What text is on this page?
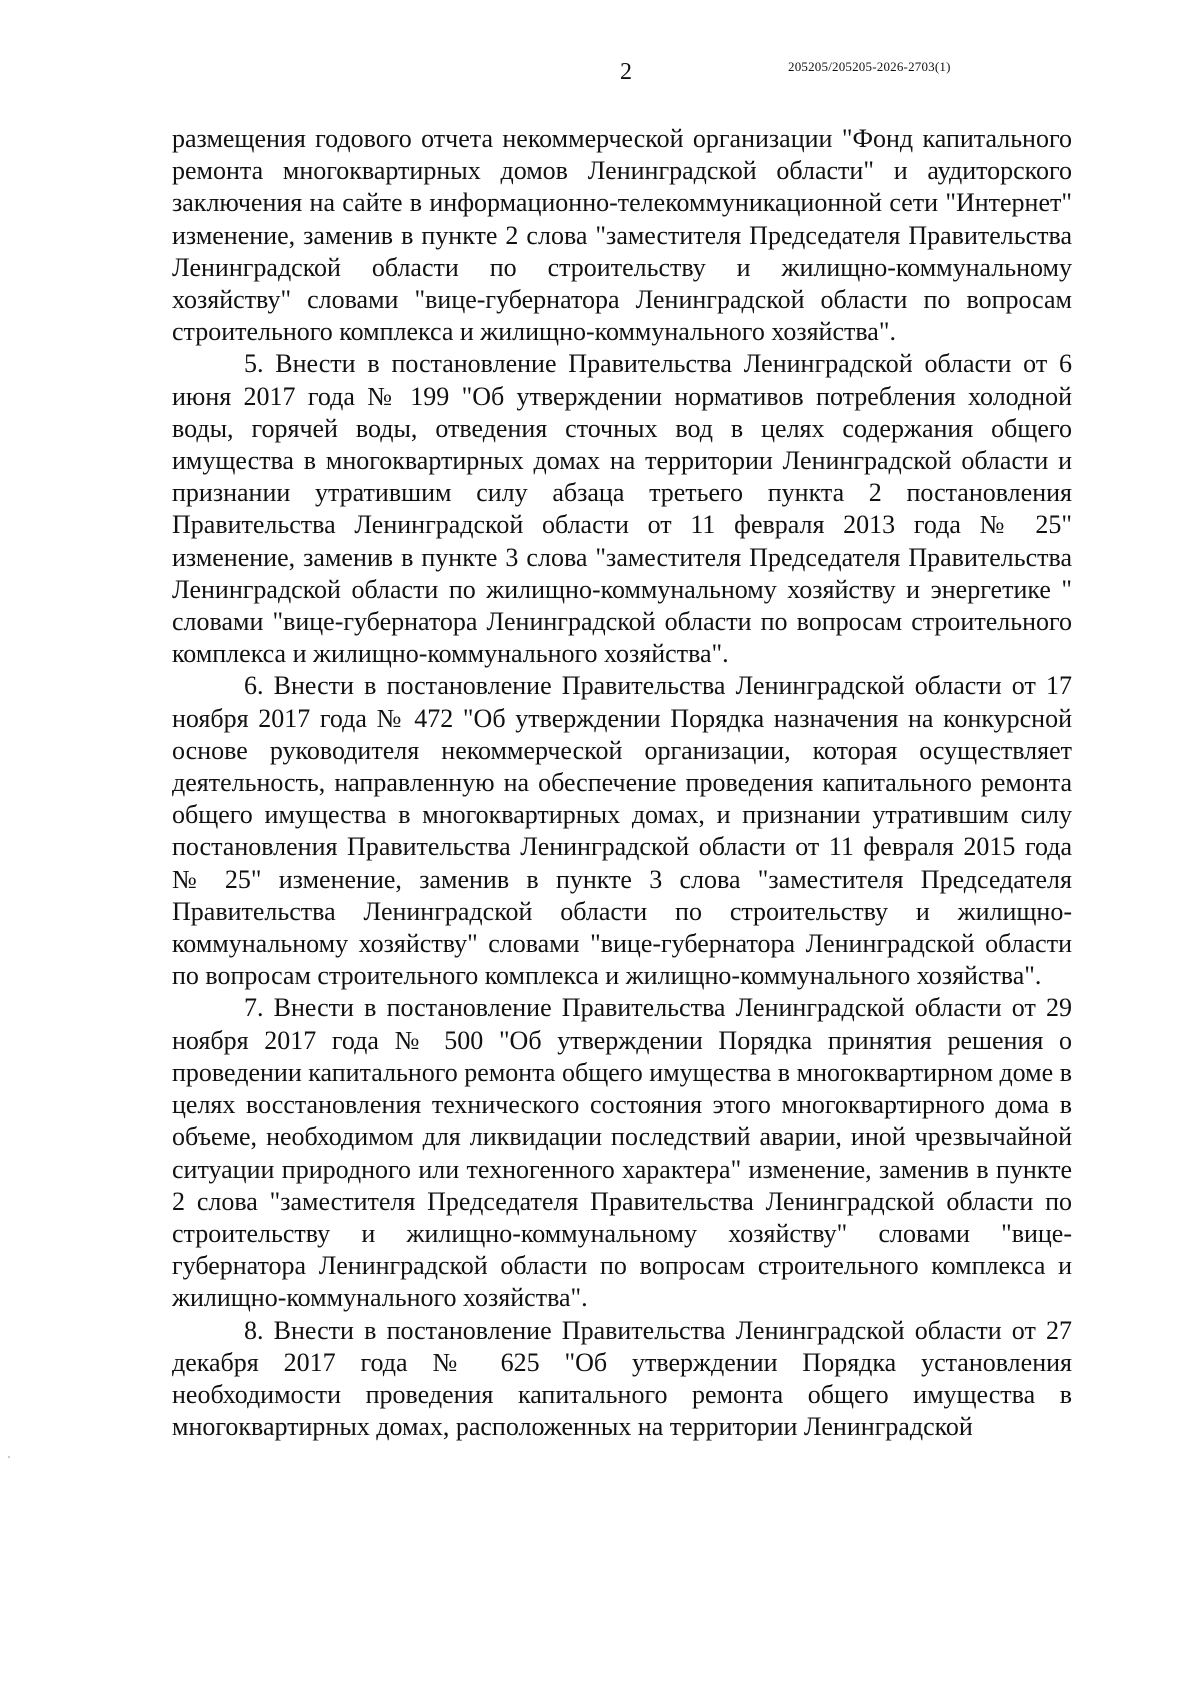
2	205205/205205-2026-2703(1)

размещения годового отчета некоммерческой организации "Фонд капитального ремонта многоквартирных домов Ленинградской области" и аудиторского заключения на сайте в информационно-телекоммуникационной сети "Интернет" изменение, заменив в пункте 2 слова "заместителя Председателя Правительства Ленинградской области по строительству и жилищно-коммунальному хозяйству" словами "вице-губернатора Ленинградской области по вопросам строительного комплекса и жилищно-коммунального хозяйства".

5. Внести в постановление Правительства Ленинградской области от 6 июня 2017 года № 199 "Об утверждении нормативов потребления холодной воды, горячей воды, отведения сточных вод в целях содержания общего имущества в многоквартирных домах на территории Ленинградской области и признании утратившим силу абзаца третьего пункта 2 постановления Правительства Ленинградской области от 11 февраля 2013 года № 25" изменение, заменив в пункте 3 слова "заместителя Председателя Правительства Ленинградской области по жилищно-коммунальному хозяйству и энергетике " словами "вице-губернатора Ленинградской области по вопросам строительного комплекса и жилищно-коммунального хозяйства".

6. Внести в постановление Правительства Ленинградской области от 17 ноября 2017 года № 472 "Об утверждении Порядка назначения на конкурсной основе руководителя некоммерческой организации, которая осуществляет деятельность, направленную на обеспечение проведения капитального ремонта общего имущества в многоквартирных домах, и признании утратившим силу постановления Правительства Ленинградской области от 11 февраля 2015 года № 25" изменение, заменив в пункте 3 слова "заместителя Председателя Правительства Ленинградской области по строительству и жилищно-коммунальному хозяйству" словами "вице-губернатора Ленинградской области по вопросам строительного комплекса и жилищно-коммунального хозяйства".

7. Внести в постановление Правительства Ленинградской области от 29 ноября 2017 года № 500 "Об утверждении Порядка принятия решения о проведении капитального ремонта общего имущества в многоквартирном доме в целях восстановления технического состояния этого многоквартирного дома в объеме, необходимом для ликвидации последствий аварии, иной чрезвычайной ситуации природного или техногенного характера" изменение, заменив в пункте 2 слова "заместителя Председателя Правительства Ленинградской области по строительству и жилищно-коммунальному хозяйству" словами "вице-губернатора Ленинградской области по вопросам строительного комплекса и жилищно-коммунального хозяйства".

8. Внести в постановление Правительства Ленинградской области от 27 декабря 2017 года № 625 "Об утверждении Порядка установления необходимости проведения капитального ремонта общего имущества в многоквартирных домах, расположенных на территории Ленинградской
